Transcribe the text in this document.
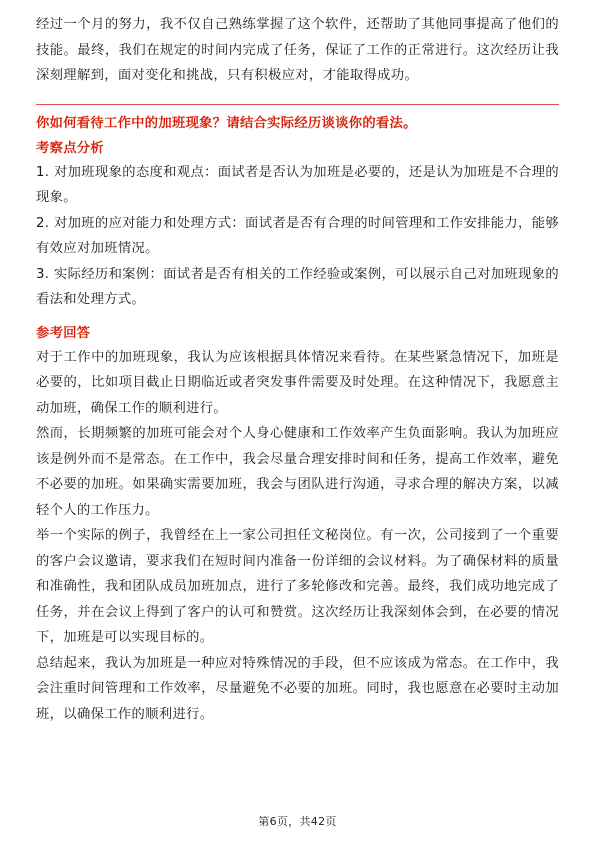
经过一个月的努力，我不仅自己熟练掌握了这个软件，还帮助了其他同事提高了他们的技能。最终，我们在规定的时间内完成了任务，保证了工作的正常进行。这次经历让我深刻理解到，面对变化和挑战，只有积极应对，才能取得成功。

你如何看待工作中的加班现象？请结合实际经历谈谈你的看法。
考察点分析

1. 对加班现象的态度和观点：面试者是否认为加班是必要的，还是认为加班是不合理的现象。

2. 对加班的应对能力和处理方式：面试者是否有合理的时间管理和工作安排能力，能够有效应对加班情况。

3. 实际经历和案例：面试者是否有相关的工作经验或案例，可以展示自己对加班现象的看法和处理方式。

参考回答

对于工作中的加班现象，我认为应该根据具体情况来看待。在某些紧急情况下，加班是必要的，比如项目截止日期临近或者突发事件需要及时处理。在这种情况下，我愿意主动加班，确保工作的顺利进行。

然而，长期频繁的加班可能会对个人身心健康和工作效率产生负面影响。我认为加班应该是例外而不是常态。在工作中，我会尽量合理安排时间和任务，提高工作效率，避免不必要的加班。如果确实需要加班，我会与团队进行沟通，寻求合理的解决方案，以减轻个人的工作压力。

举一个实际的例子，我曾经在上一家公司担任文秘岗位。有一次，公司接到了一个重要的客户会议邀请，要求我们在短时间内准备一份详细的会议材料。为了确保材料的质量和准确性，我和团队成员加班加点，进行了多轮修改和完善。最终，我们成功地完成了任务，并在会议上得到了客户的认可和赞赏。这次经历让我深刻体会到，在必要的情况下，加班是可以实现目标的。

总结起来，我认为加班是一种应对特殊情况的手段，但不应该成为常态。在工作中，我会注重时间管理和工作效率，尽量避免不必要的加班。同时，我也愿意在必要时主动加班，以确保工作的顺利进行。

第6页，共42页
